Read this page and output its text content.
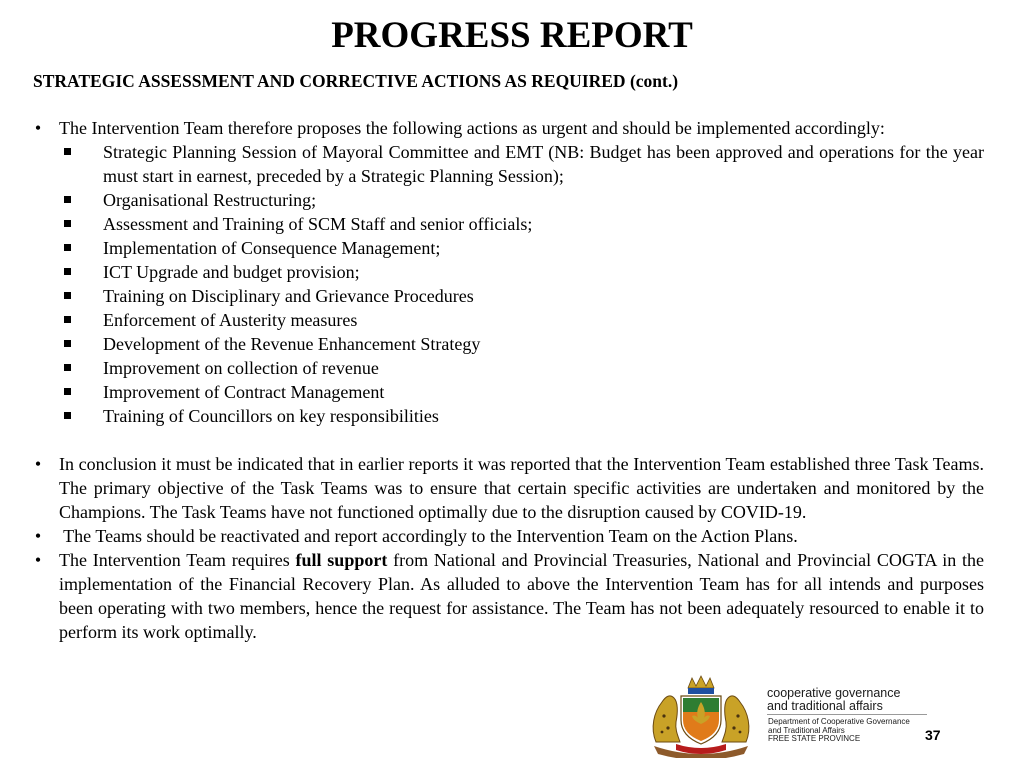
PROGRESS REPORT
STRATEGIC ASSESSMENT AND CORRECTIVE ACTIONS AS REQUIRED (cont.)
• The Intervention Team therefore proposes the following actions as urgent and should be implemented accordingly:
Strategic Planning Session of Mayoral Committee and EMT (NB: Budget has been approved and operations for the year must start in earnest, preceded by a Strategic Planning Session);
Organisational Restructuring;
Assessment and Training of SCM Staff and senior officials;
Implementation of Consequence Management;
ICT Upgrade and budget provision;
Training on Disciplinary and Grievance Procedures
Enforcement of Austerity measures
Development of the Revenue Enhancement Strategy
Improvement on collection of revenue
Improvement of Contract Management
Training of Councillors on key responsibilities
• In conclusion it must be indicated that in earlier reports it was reported that the Intervention Team established three Task Teams. The primary objective of the Task Teams was to ensure that certain specific activities are undertaken and monitored by the Champions. The Task Teams have not functioned optimally due to the disruption caused by COVID-19.
• The Teams should be reactivated and report accordingly to the Intervention Team on the Action Plans.
• The Intervention Team requires full support from National and Provincial Treasuries, National and Provincial COGTA in the implementation of the Financial Recovery Plan. As alluded to above the Intervention Team has for all intends and purposes been operating with two members, hence the request for assistance. The Team has not been adequately resourced to enable it to perform its work optimally.
cooperative governance
and traditional affairs
Department of Cooperative Governance
and Traditional Affairs
FREE STATE PROVINCE	37
